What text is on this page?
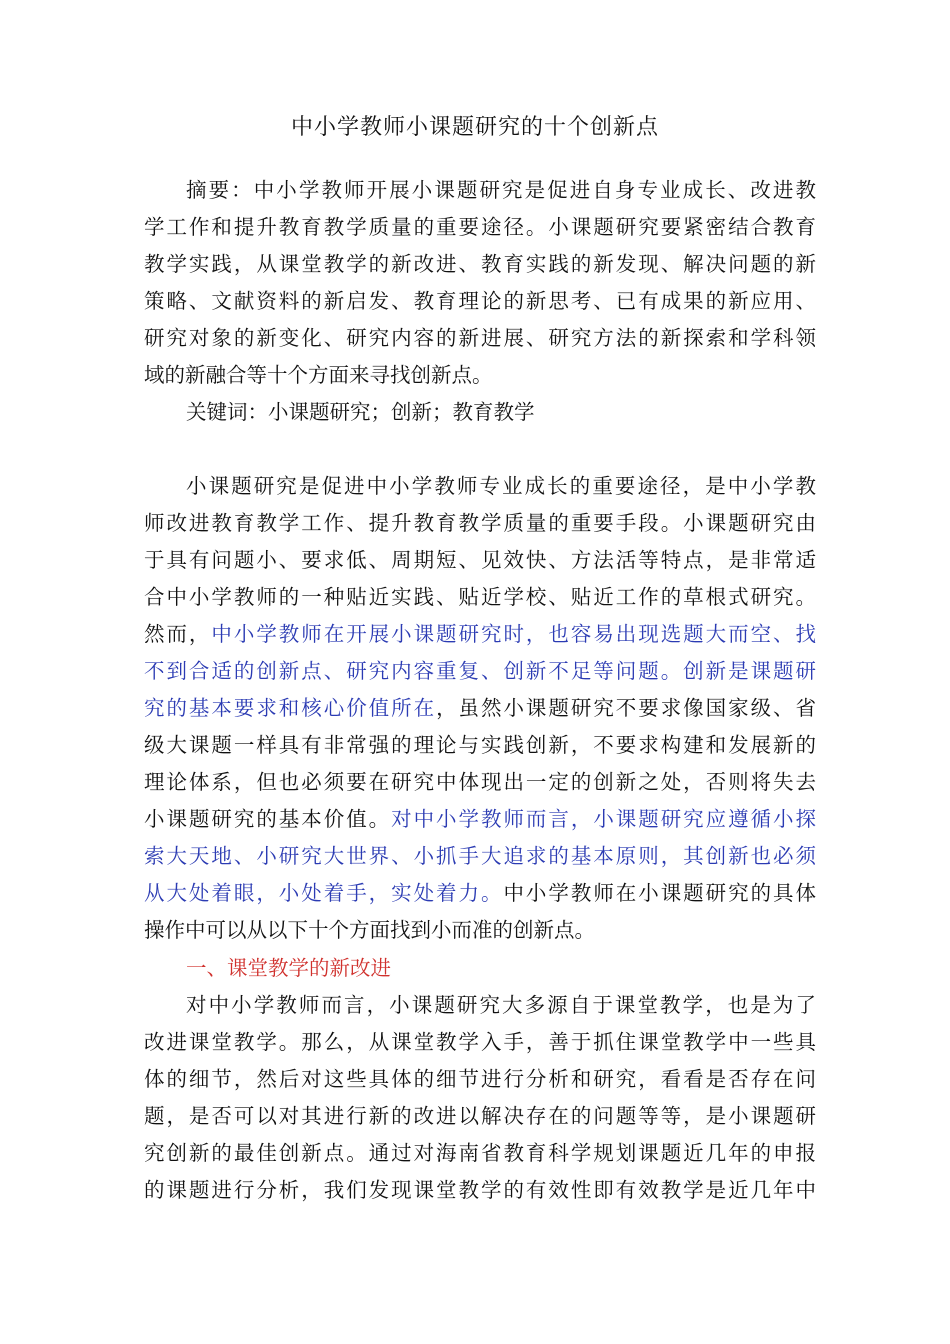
中小学教师小课题研究的十个创新点
摘要：中小学教师开展小课题研究是促进自身专业成长、改进教
学工作和提升教育教学质量的重要途径。小课题研究要紧密结合教育
教学实践，从课堂教学的新改进、教育实践的新发现、解决问题的新
策略、文献资料的新启发、教育理论的新思考、已有成果的新应用、
研究对象的新变化、研究内容的新进展、研究方法的新探索和学科领
域的新融合等十个方面来寻找创新点。
关键词：小课题研究；创新；教育教学
小课题研究是促进中小学教师专业成长的重要途径，是中小学教
师改进教育教学工作、提升教育教学质量的重要手段。小课题研究由
于具有问题小、要求低、周期短、见效快、方法活等特点，是非常适
合中小学教师的一种贴近实践、贴近学校、贴近工作的草根式研究。
然而，中小学教师在开展小课题研究时，也容易出现选题大而空、找
不到合适的创新点、研究内容重复、创新不足等问题。创新是课题研
究的基本要求和核心价值所在，虽然小课题研究不要求像国家级、省
级大课题一样具有非常强的理论与实践创新，不要求构建和发展新的
理论体系，但也必须要在研究中体现出一定的创新之处，否则将失去
小课题研究的基本价值。对中小学教师而言，小课题研究应遵循小探
索大天地、小研究大世界、小抓手大追求的基本原则，其创新也必须
从大处着眼，小处着手，实处着力。中小学教师在小课题研究的具体
操作中可以从以下十个方面找到小而准的创新点。
一、课堂教学的新改进
对中小学教师而言，小课题研究大多源自于课堂教学，也是为了
改进课堂教学。那么，从课堂教学入手，善于抓住课堂教学中一些具
体的细节，然后对这些具体的细节进行分析和研究，看看是否存在问
题，是否可以对其进行新的改进以解决存在的问题等等，是小课题研
究创新的最佳创新点。通过对海南省教育科学规划课题近几年的申报
的课题进行分析，我们发现课堂教学的有效性即有效教学是近几年中
